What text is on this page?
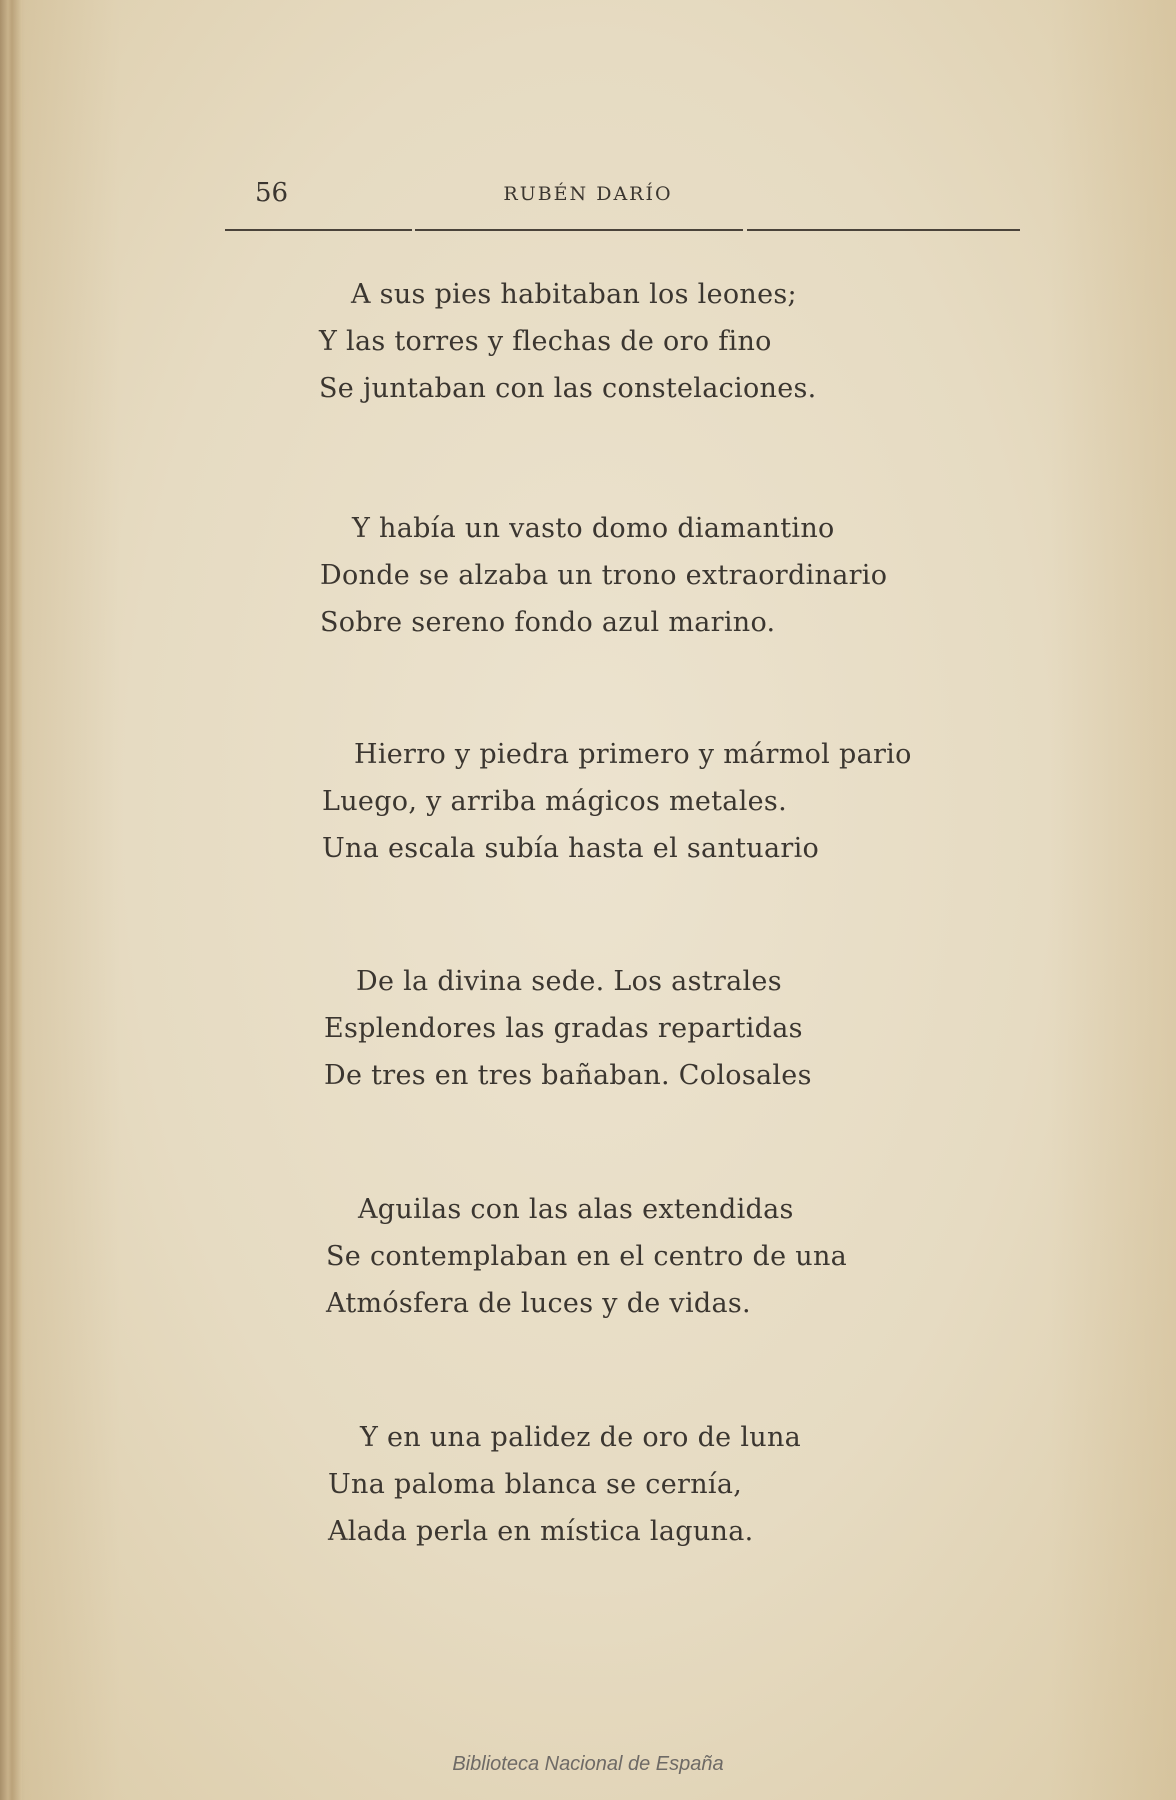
56	RUBÉN DARÍO
A sus pies habitaban los leones;
Y las torres y flechas de oro fino
Se juntaban con las constelaciones.
Y había un vasto domo diamantino
Donde se alzaba un trono extraordinario
Sobre sereno fondo azul marino.
Hierro y piedra primero y mármol pario
Luego, y arriba mágicos metales.
Una escala subía hasta el santuario
De la divina sede. Los astrales
Esplendores las gradas repartidas
De tres en tres bañaban. Colosales
Aguilas con las alas extendidas
Se contemplaban en el centro de una
Atmósfera de luces y de vidas.
Y en una palidez de oro de luna
Una paloma blanca se cernía,
Alada perla en mística laguna.
Biblioteca Nacional de España
